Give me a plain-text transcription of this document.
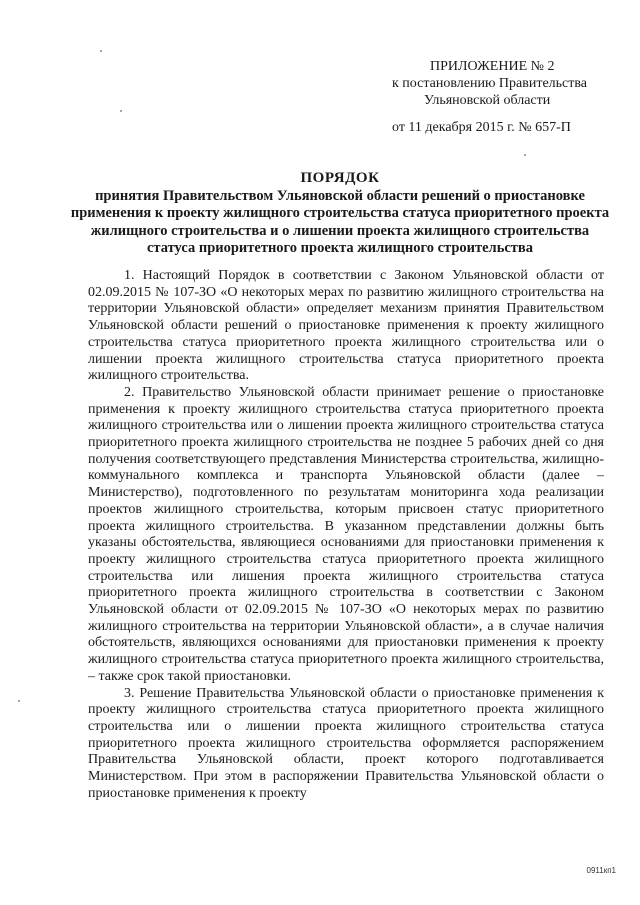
ПРИЛОЖЕНИЕ № 2
к постановлению Правительства
Ульяновской области
от 11 декабря 2015 г. № 657-П
ПОРЯДОК
принятия Правительством Ульяновской области решений о приостановке применения к проекту жилищного строительства статуса приоритетного проекта жилищного строительства и о лишении проекта жилищного строительства статуса приоритетного проекта жилищного строительства

1. Настоящий Порядок в соответствии с Законом Ульяновской области от 02.09.2015 № 107-ЗО «О некоторых мерах по развитию жилищного строительства на территории Ульяновской области» определяет механизм принятия Правительством Ульяновской области решений о приостановке применения к проекту жилищного строительства статуса приоритетного проекта жилищного строительства или о лишении проекта жилищного строительства статуса приоритетного проекта жилищного строительства.

2. Правительство Ульяновской области принимает решение о приостановке применения к проекту жилищного строительства статуса приоритетного проекта жилищного строительства или о лишении проекта жилищного строительства статуса приоритетного проекта жилищного строительства не позднее 5 рабочих дней со дня получения соответствующего представления Министерства строительства, жилищно-коммунального комплекса и транспорта Ульяновской области (далее – Министерство), подготовленного по результатам мониторинга хода реализации проектов жилищного строительства, которым присвоен статус приоритетного проекта жилищного строительства. В указанном представлении должны быть указаны обстоятельства, являющиеся основаниями для приостановки применения к проекту жилищного строительства статуса приоритетного проекта жилищного строительства или лишения проекта жилищного строительства статуса приоритетного проекта жилищного строительства в соответствии с Законом Ульяновской области от 02.09.2015 № 107-ЗО «О некоторых мерах по развитию жилищного строительства на территории Ульяновской области», а в случае наличия обстоятельств, являющихся основаниями для приостановки применения к проекту жилищного строительства статуса приоритетного проекта жилищного строительства, – также срок такой приостановки.

3. Решение Правительства Ульяновской области о приостановке применения к проекту жилищного строительства статуса приоритетного проекта жилищного строительства или о лишении проекта жилищного строительства статуса приоритетного проекта жилищного строительства оформляется распоряжением Правительства Ульяновской области, проект которого подготавливается Министерством. При этом в распоряжении Правительства Ульяновской области о приостановке применения к проекту

0911кп1
